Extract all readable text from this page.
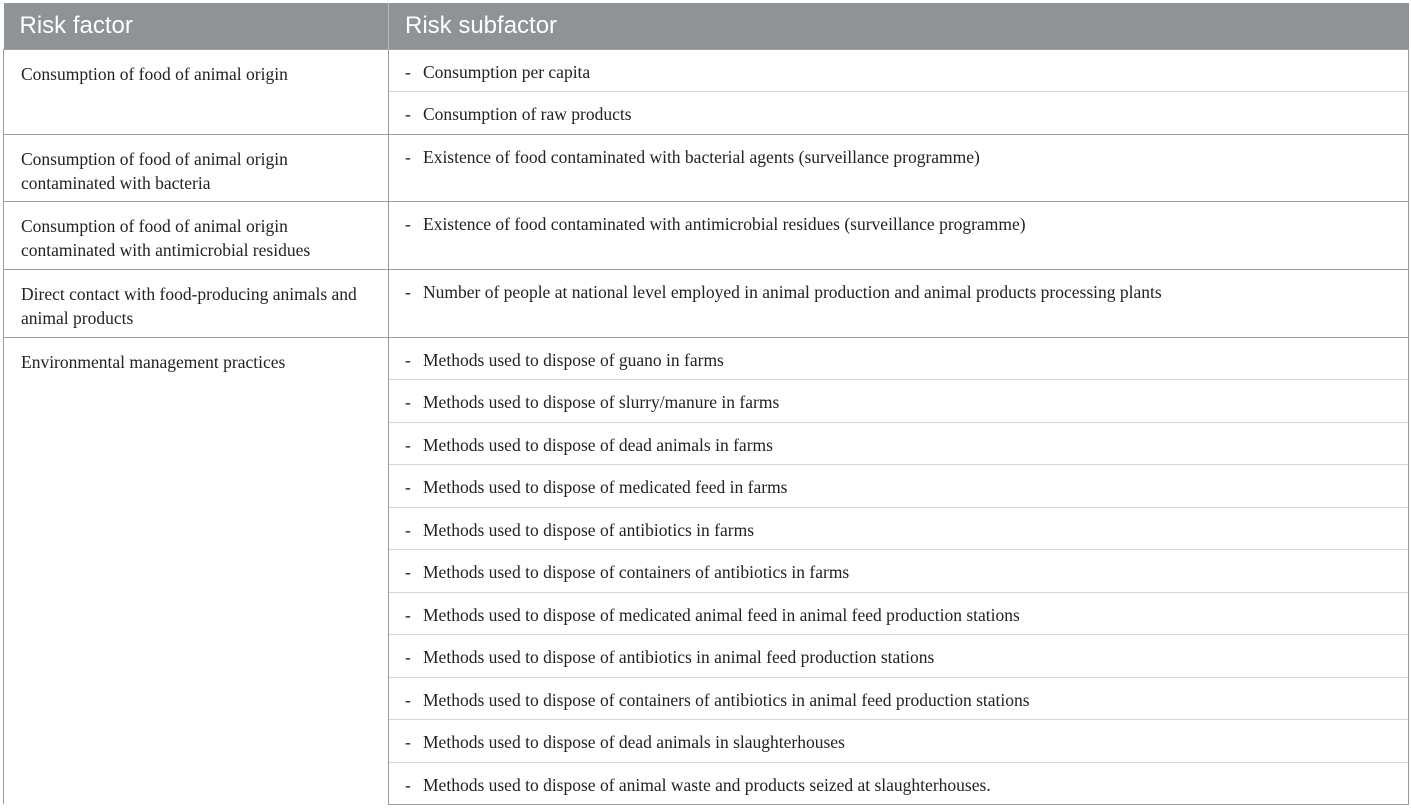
Risk factor	Risk subfactor
Consumption of food of animal origin	- Consumption per capita
	- Consumption of raw products
Consumption of food of animal origin contaminated with bacteria	- Existence of food contaminated with bacterial agents (surveillance programme)
Consumption of food of animal origin contaminated with antimicrobial residues	- Existence of food contaminated with antimicrobial residues (surveillance programme)
Direct contact with food-producing animals and animal products	- Number of people at national level employed in animal production and animal products processing plants
Environmental management practices	- Methods used to dispose of guano in farms
	- Methods used to dispose of slurry/manure in farms
	- Methods used to dispose of dead animals in farms
	- Methods used to dispose of medicated feed in farms
	- Methods used to dispose of antibiotics in farms
	- Methods used to dispose of containers of antibiotics in farms
	- Methods used to dispose of medicated animal feed in animal feed production stations
	- Methods used to dispose of antibiotics in animal feed production stations
	- Methods used to dispose of containers of antibiotics in animal feed production stations
	- Methods used to dispose of dead animals in slaughterhouses
	- Methods used to dispose of animal waste and products seized at slaughterhouses.
